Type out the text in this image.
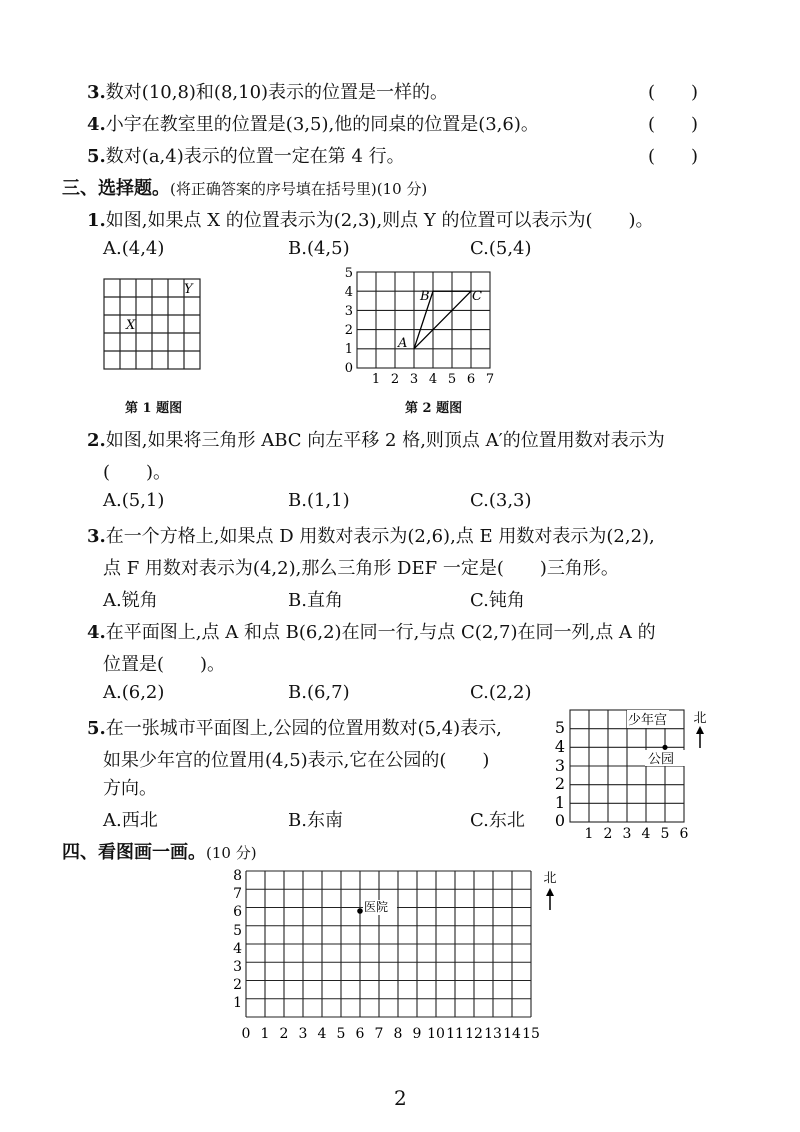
3.数对(10,8)和(8,10)表示的位置是一样的。	(　　)
4.小宇在教室里的位置是(3,5),他的同桌的位置是(3,6)。	(　　)
5.数对(a,4)表示的位置一定在第 4 行。	(　　)
三、选择题。(将正确答案的序号填在括号里)(10 分)
1.如图,如果点 X 的位置表示为(2,3),则点 Y 的位置可以表示为(　　)。
A.(4,4)	B.(4,5)	C.(5,4)
Y
X
第 1 题图
0
1
2
3
4
5
1 2 3 4 5 6 7
A
B	C
第 2 题图
2.如图,如果将三角形 ABC 向左平移 2 格,则顶点 A′的位置用数对表示为
(　　)。
A.(5,1)	B.(1,1)	C.(3,3)
3.在一个方格上,如果点 D 用数对表示为(2,6),点 E 用数对表示为(2,2),
点 F 用数对表示为(4,2),那么三角形 DEF 一定是(　　)三角形。
A.锐角	B.直角	C.钝角
4.在平面图上,点 A 和点 B(6,2)在同一行,与点 C(2,7)在同一列,点 A 的
位置是(　　)。
A.(6,2)	B.(6,7)	C.(2,2)
5.在一张城市平面图上,公园的位置用数对(5,4)表示,
如果少年宫的位置用(4,5)表示,它在公园的(　　)
方向。
A.西北	B.东南	C.东北
少年宫
公园
0
1
2
3
4
5
1 2 3 4 5 6
北
四、看图画一画。(10 分)
8
7
6
5
4
3
2
1
0 1 2 3 4 5 6 7 8 9 10 11 12 13 14 15
医院
北
2
